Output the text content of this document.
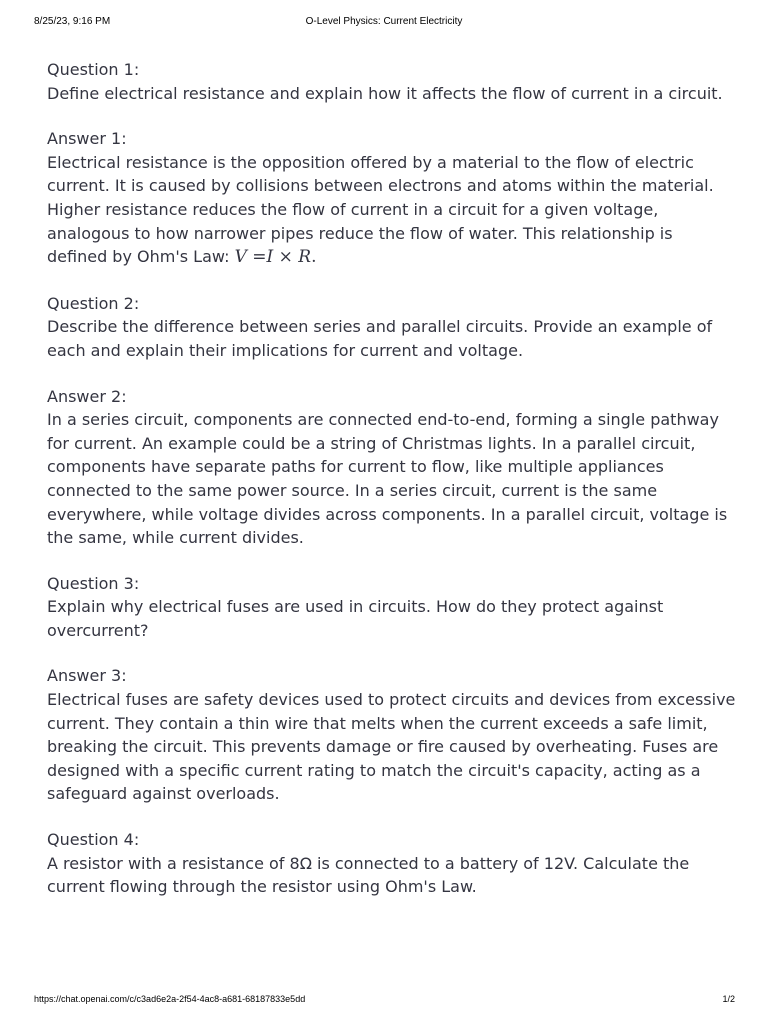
8/25/23, 9:16 PM	O-Level Physics: Current Electricity
Question 1:
Define electrical resistance and explain how it affects the flow of current in a circuit.
Answer 1:
Electrical resistance is the opposition offered by a material to the flow of electric current. It is caused by collisions between electrons and atoms within the material. Higher resistance reduces the flow of current in a circuit for a given voltage, analogous to how narrower pipes reduce the flow of water. This relationship is defined by Ohm's Law: V =I × R.
Question 2:
Describe the difference between series and parallel circuits. Provide an example of each and explain their implications for current and voltage.
Answer 2:
In a series circuit, components are connected end-to-end, forming a single pathway for current. An example could be a string of Christmas lights. In a parallel circuit, components have separate paths for current to flow, like multiple appliances connected to the same power source. In a series circuit, current is the same everywhere, while voltage divides across components. In a parallel circuit, voltage is the same, while current divides.
Question 3:
Explain why electrical fuses are used in circuits. How do they protect against overcurrent?
Answer 3:
Electrical fuses are safety devices used to protect circuits and devices from excessive current. They contain a thin wire that melts when the current exceeds a safe limit, breaking the circuit. This prevents damage or fire caused by overheating. Fuses are designed with a specific current rating to match the circuit's capacity, acting as a safeguard against overloads.
Question 4:
A resistor with a resistance of 8Ω is connected to a battery of 12V. Calculate the current flowing through the resistor using Ohm's Law.
https://chat.openai.com/c/c3ad6e2a-2f54-4ac8-a681-68187833e5dd	1/2
